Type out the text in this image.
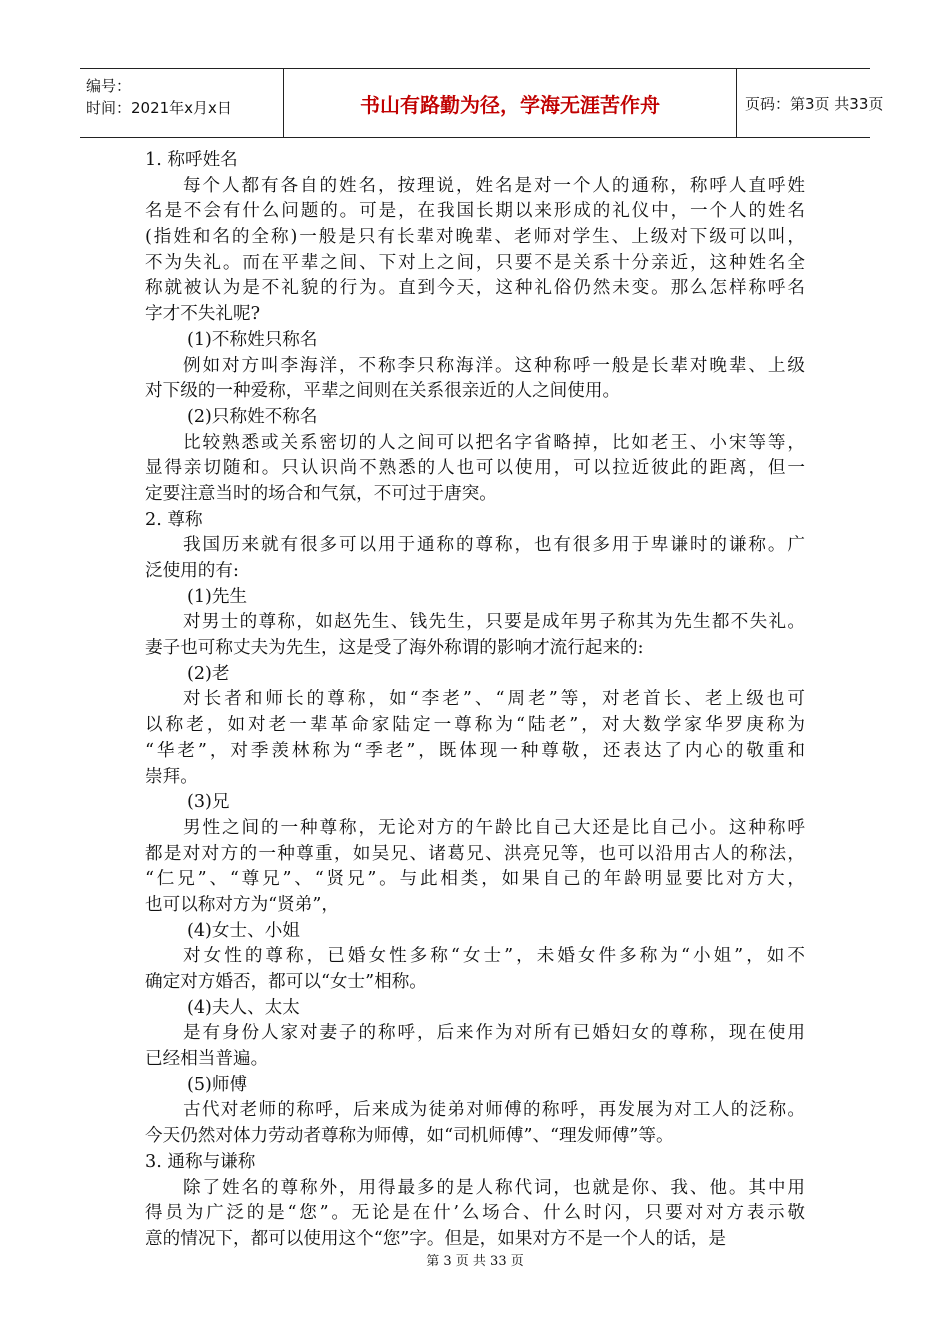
编号：
时间：2021年x月x日	书山有路勤为径，学海无涯苦作舟	页码：第3页 共33页
1. 称呼姓名
每个人都有各自的姓名，按理说，姓名是对一个人的通称，称呼人直呼姓
名是不会有什么问题的。可是，在我国长期以来形成的礼仪中，一个人的姓名
(指姓和名的全称)一般是只有长辈对晚辈、老师对学生、上级对下级可以叫，
不为失礼。而在平辈之间、下对上之间，只要不是关系十分亲近，这种姓名全
称就被认为是不礼貌的行为。直到今天，这种礼俗仍然未变。那么怎样称呼名
字才不失礼呢?
(1)不称姓只称名
例如对方叫李海洋，不称李只称海洋。这种称呼一般是长辈对晚辈、上级
对下级的一种爱称，平辈之间则在关系很亲近的人之间使用。
(2)只称姓不称名
比较熟悉或关系密切的人之间可以把名字省略掉，比如老王、小宋等等，
显得亲切随和。只认识尚不熟悉的人也可以使用，可以拉近彼此的距离，但一
定要注意当时的场合和气氛，不可过于唐突。
2. 尊称
我国历来就有很多可以用于通称的尊称，也有很多用于卑谦时的谦称。广
泛使用的有:
(1)先生
对男士的尊称，如赵先生、钱先生，只要是成年男子称其为先生都不失礼。
妻子也可称丈夫为先生，这是受了海外称谓的影响才流行起来的:
(2)老
对长者和师长的尊称，如“李老”、“周老”等，对老首长、老上级也可
以称老，如对老一辈革命家陆定一尊称为“陆老”，对大数学家华罗庚称为
“华老”，对季羡林称为“季老”，既体现一种尊敬，还表达了内心的敬重和
崇拜。
(3)兄
男性之间的一种尊称，无论对方的午龄比自己大还是比自己小。这种称呼
都是对对方的一种尊重，如吴兄、诸葛兄、洪亮兄等，也可以沿用古人的称法，
“仁兄”、“尊兄”、“贤兄”。与此相类，如果自己的年龄明显要比对方大，
也可以称对方为“贤弟”，
(4)女士、小姐
对女性的尊称，已婚女性多称“女士”，未婚女件多称为“小姐”，如不
确定对方婚否，都可以“女士”相称。
(4)夫人、太太
是有身份人家对妻子的称呼，后来作为对所有已婚妇女的尊称，现在使用
已经相当普遍。
(5)师傅
古代对老师的称呼，后来成为徒弟对师傅的称呼，再发展为对工人的泛称。
今天仍然对体力劳动者尊称为师傅，如“司机师傅”、“理发师傅”等。
3. 通称与谦称
除了姓名的尊称外，用得最多的是人称代词，也就是你、我、他。其中用
得员为广泛的是“您”。无论是在什’么场合、什么时闪，只要对对方表示敬
意的情况下，都可以使用这个“您”字。但是，如果对方不是一个人的话，是
第 3 页 共 33 页
